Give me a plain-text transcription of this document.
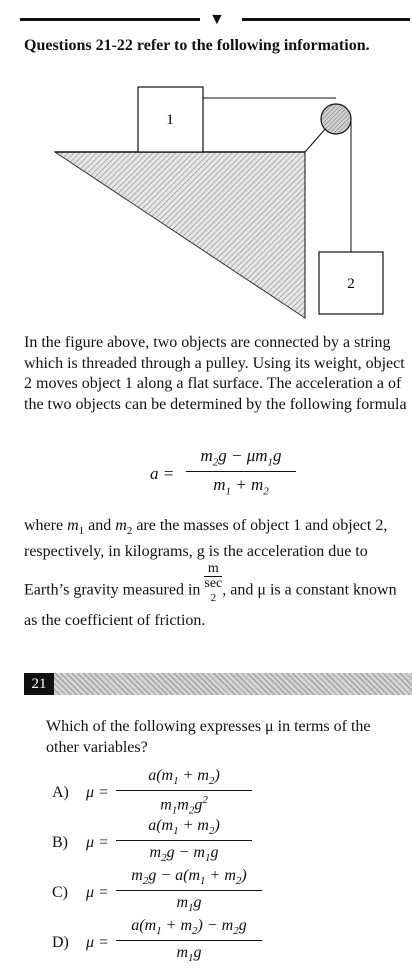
▼
Questions 21-22 refer to the following information.
1
2

In the figure above, two objects are connected by a string which is threaded through a pulley. Using its weight, object 2 moves object 1 along a flat surface. The acceleration a of the two objects can be determined by the following formula

a =
$m_2g - \mu m_1g$
$m_1 + m_2$

where $m_1$ and $m_2$ are the masses of object 1 and object 2, respectively, in kilograms, g is the acceleration due to Earth’s gravity measured in m
sec
$^2$ , and μ is a constant known as the coefficient of friction.

21

Which of the following expresses μ in terms of the other variables?

A) μ =
$a(m_1 + m_2)$
$m_1m_2g^2$
B) μ =
$a(m_1 + m_2)$
$m_2g - m_1g$
C) μ =
$m_2g - a(m_1 + m_2)$
$m_1g$
D) μ =
$a(m_1 + m_2) - m_2g$
$m_1g$
